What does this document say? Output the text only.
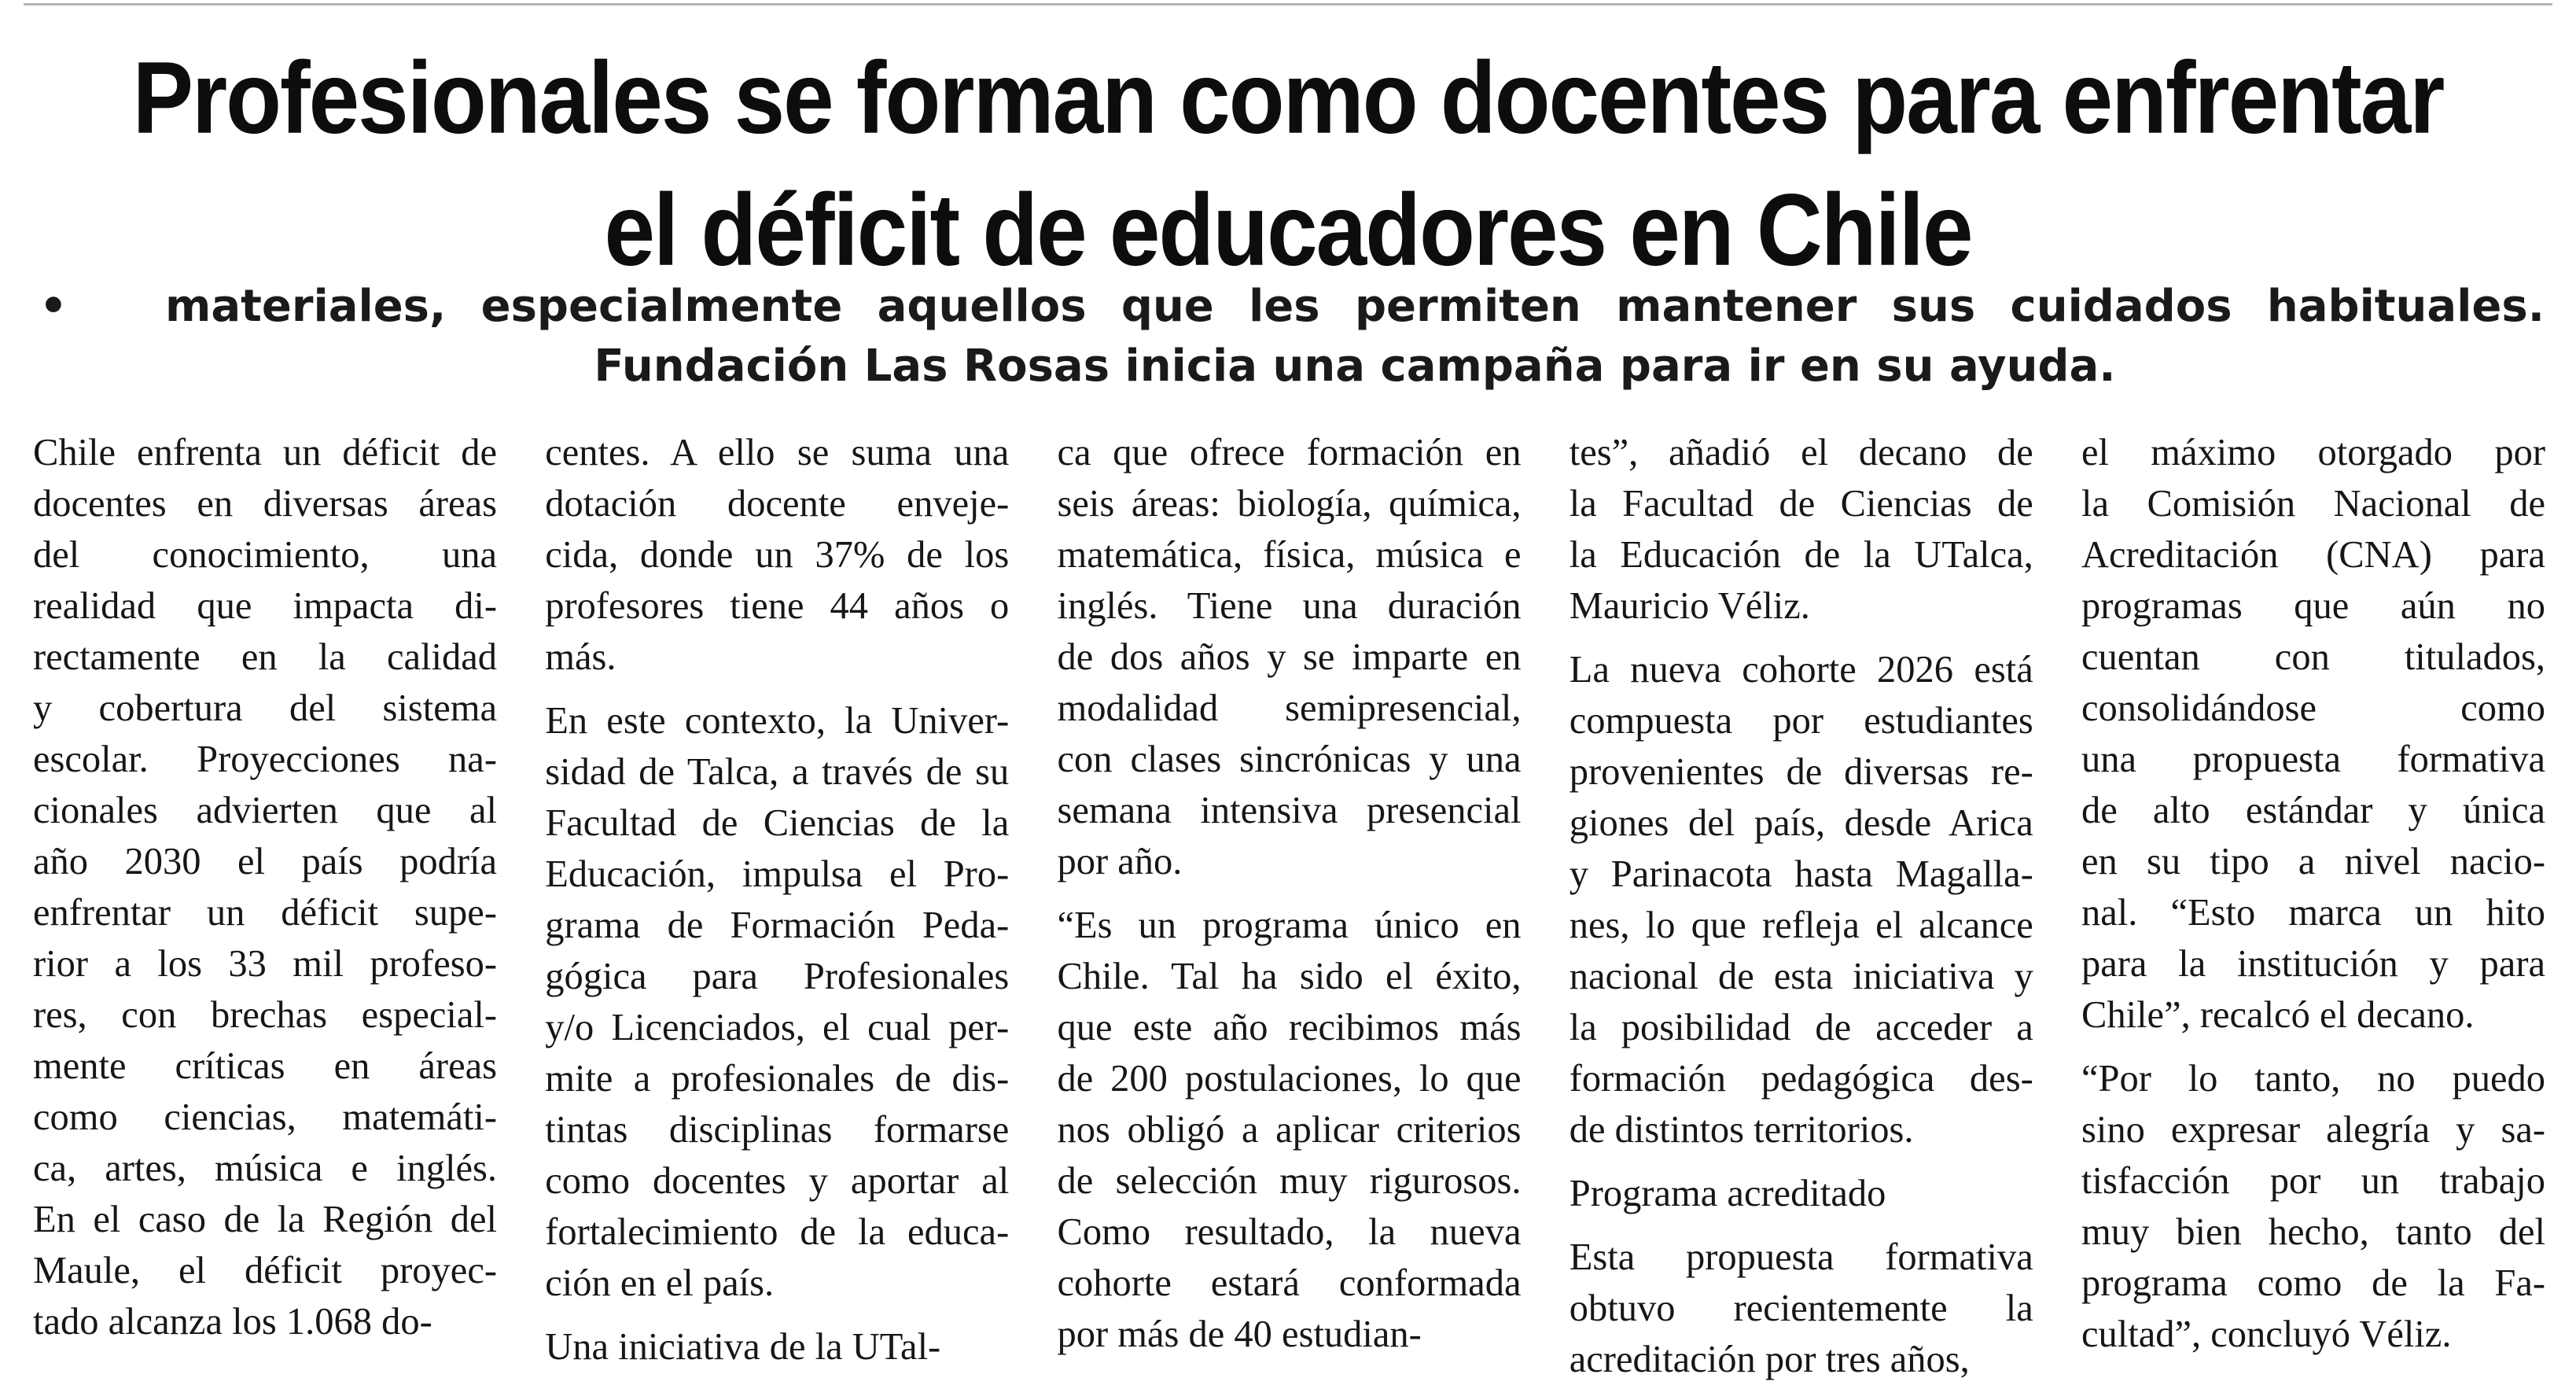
Profesionales se forman como docentes para enfrentar
el déficit de educadores en Chile
• materiales, especialmente aquellos que les permiten mantener sus cuidados habituales. Fundación Las Rosas inicia una campaña para ir en su ayuda.

Chile enfrenta un déficit de
docentes en diversas áreas
del conocimiento, una
realidad que impacta di-
rectamente en la calidad
y cobertura del sistema
escolar. Proyecciones na-
cionales advierten que al
año 2030 el país podría
enfrentar un déficit supe-
rior a los 33 mil profeso-
res, con brechas especial-
mente críticas en áreas
como ciencias, matemáti-
ca, artes, música e inglés.
En el caso de la Región del
Maule, el déficit proyec-
tado alcanza los 1.068 do-

centes. A ello se suma una
dotación docente enveje-
cida, donde un 37% de los
profesores tiene 44 años o
más.

En este contexto, la Univer-
sidad de Talca, a través de su
Facultad de Ciencias de la
Educación, impulsa el Pro-
grama de Formación Peda-
gógica para Profesionales
y/o Licenciados, el cual per-
mite a profesionales de dis-
tintas disciplinas formarse
como docentes y aportar al
fortalecimiento de la educa-
ción en el país.

Una iniciativa de la UTal-

ca que ofrece formación en
seis áreas: biología, química,
matemática, física, música e
inglés. Tiene una duración
de dos años y se imparte en
modalidad semipresencial,
con clases sincrónicas y una
semana intensiva presencial
por año.

“Es un programa único en
Chile. Tal ha sido el éxito,
que este año recibimos más
de 200 postulaciones, lo que
nos obligó a aplicar criterios
de selección muy rigurosos.
Como resultado, la nueva
cohorte estará conformada
por más de 40 estudian-

tes”, añadió el decano de
la Facultad de Ciencias de
la Educación de la UTalca,
Mauricio Véliz.

La nueva cohorte 2026 está
compuesta por estudiantes
provenientes de diversas re-
giones del país, desde Arica
y Parinacota hasta Magalla-
nes, lo que refleja el alcance
nacional de esta iniciativa y
la posibilidad de acceder a
formación pedagógica des-
de distintos territorios.

Programa acreditado

Esta propuesta formativa
obtuvo recientemente la
acreditación por tres años,

el máximo otorgado por
la Comisión Nacional de
Acreditación (CNA) para
programas que aún no
cuentan con titulados,
consolidándose como
una propuesta formativa
de alto estándar y única
en su tipo a nivel nacio-
nal. “Esto marca un hito
para la institución y para
Chile”, recalcó el decano.

“Por lo tanto, no puedo
sino expresar alegría y sa-
tisfacción por un trabajo
muy bien hecho, tanto del
programa como de la Fa-
cultad”, concluyó Véliz.
